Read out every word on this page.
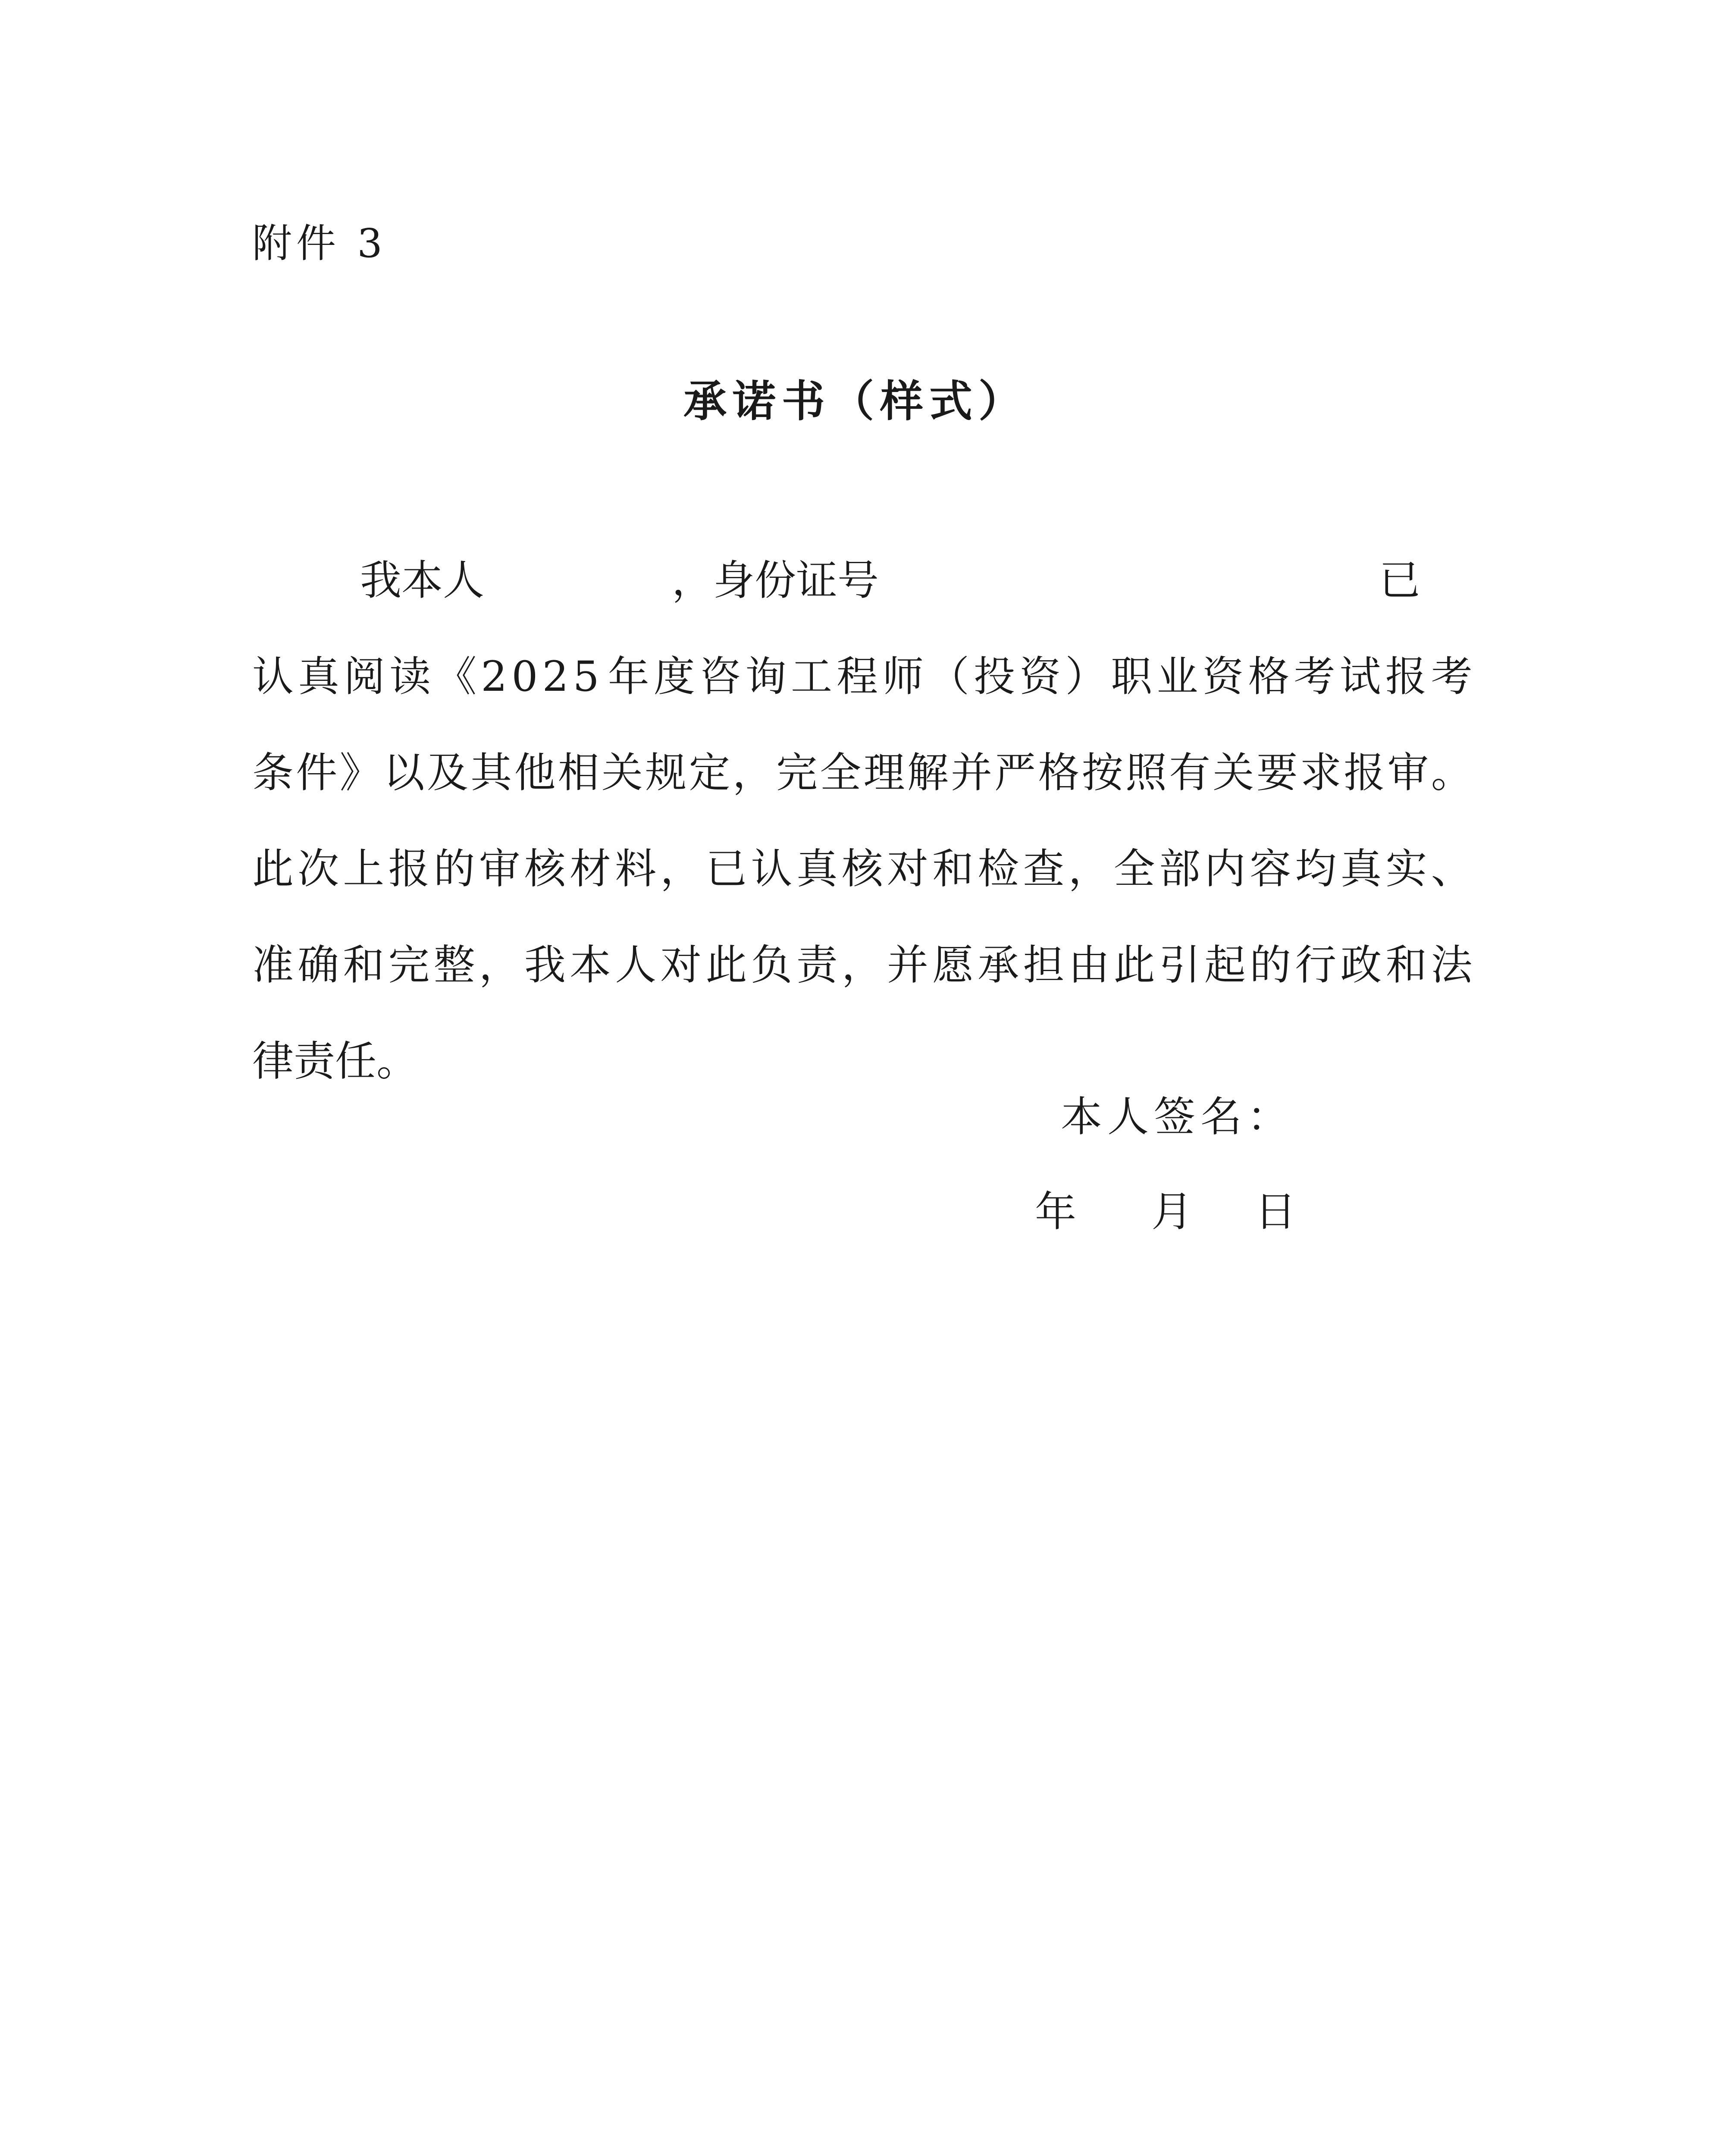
附件 3
承诺书（样式）
我本人	，身份证号	已
认 真 阅 读 《 2 0 2 5 年 度 咨 询 工 程 师 （ 投 资 ） 职 业 资 格 考 试 报 考
条 件 》 以 及 其 他 相 关 规 定 ， 完 全 理 解 并 严 格 按 照 有 关 要 求 报 审 。
此 次 上 报 的 审 核 材 料 ， 已 认 真 核 对 和 检 查 ， 全 部 内 容 均 真 实 、
准 确 和 完 整 ， 我 本 人 对 此 负 责 ， 并 愿 承 担 由 此 引 起 的 行 政 和 法
律责任。
本人签名：
年	月	日
